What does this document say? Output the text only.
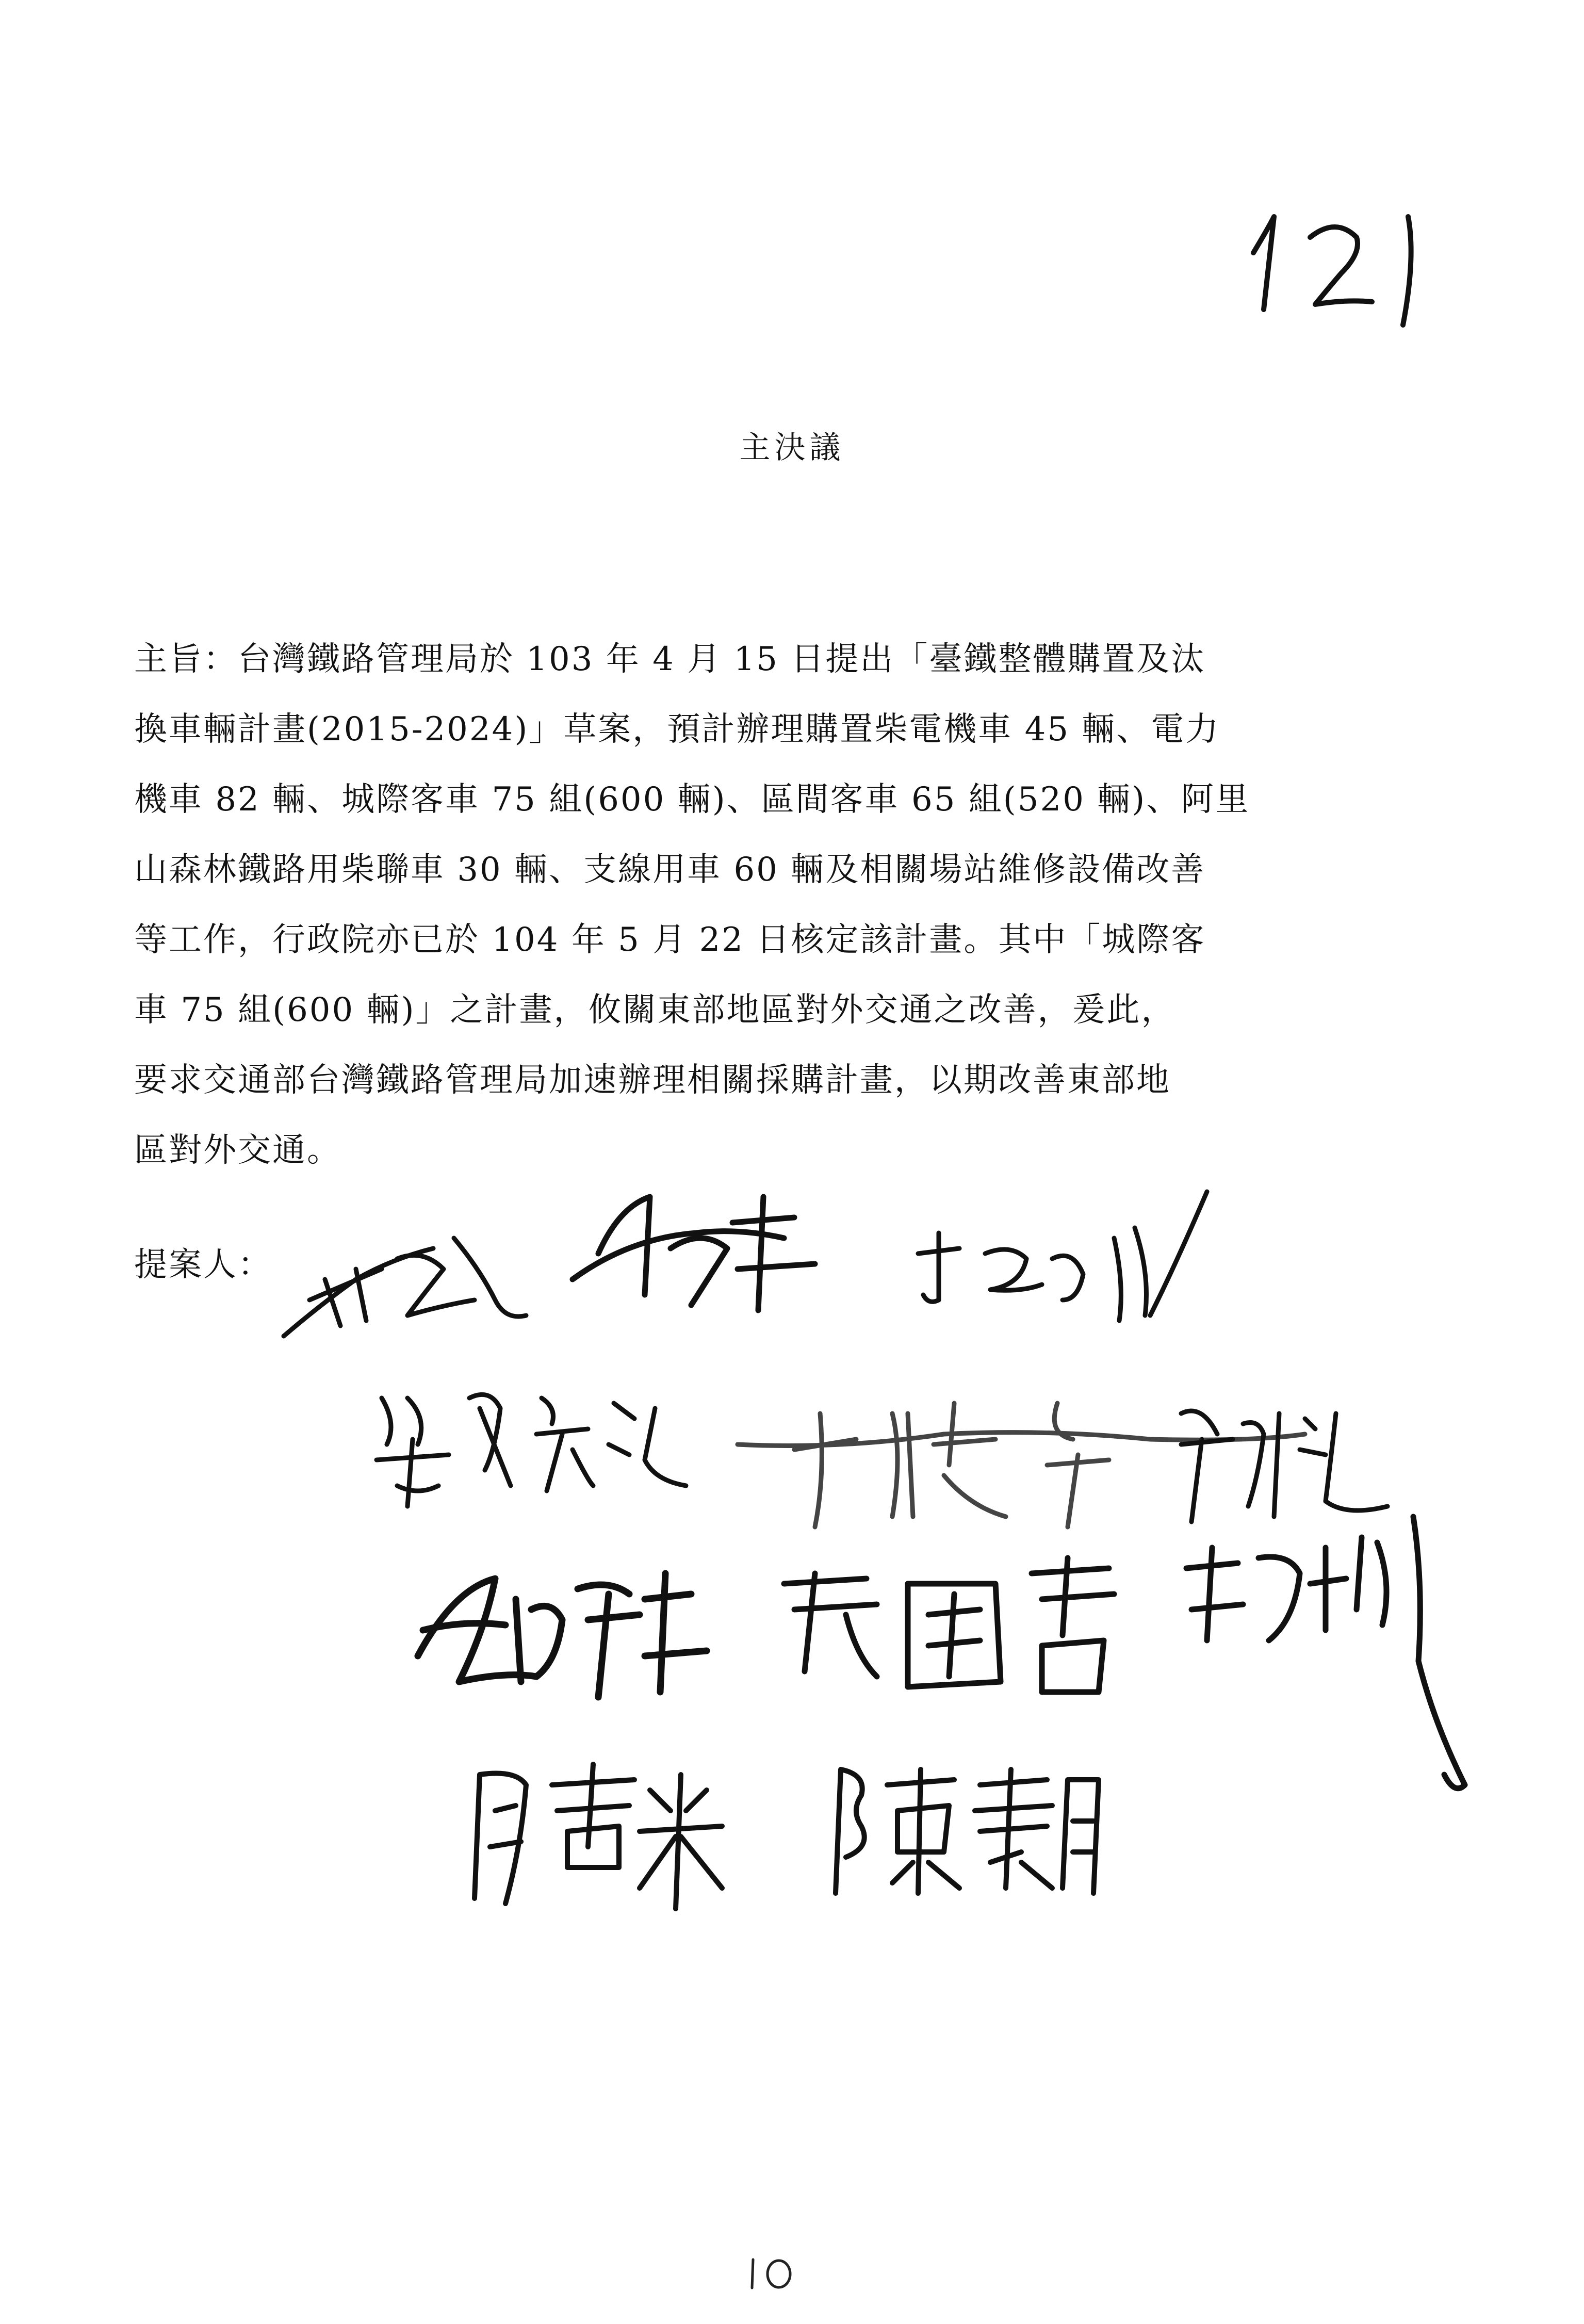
主決議
主旨：台灣鐵路管理局於 103 年 4 月 15 日提出「臺鐵整體購置及汰
換車輛計畫(2015-2024)」草案，預計辦理購置柴電機車 45 輛、電力
機車 82 輛、城際客車 75 組(600 輛)、區間客車 65 組(520 輛)、阿里
山森林鐵路用柴聯車 30 輛、支線用車 60 輛及相關場站維修設備改善
等工作，行政院亦已於 104 年 5 月 22 日核定該計畫。其中「城際客
車 75 組(600 輛)」之計畫，攸關東部地區對外交通之改善，爰此，
要求交通部台灣鐵路管理局加速辦理相關採購計畫，以期改善東部地
區對外交通。
提案人：
